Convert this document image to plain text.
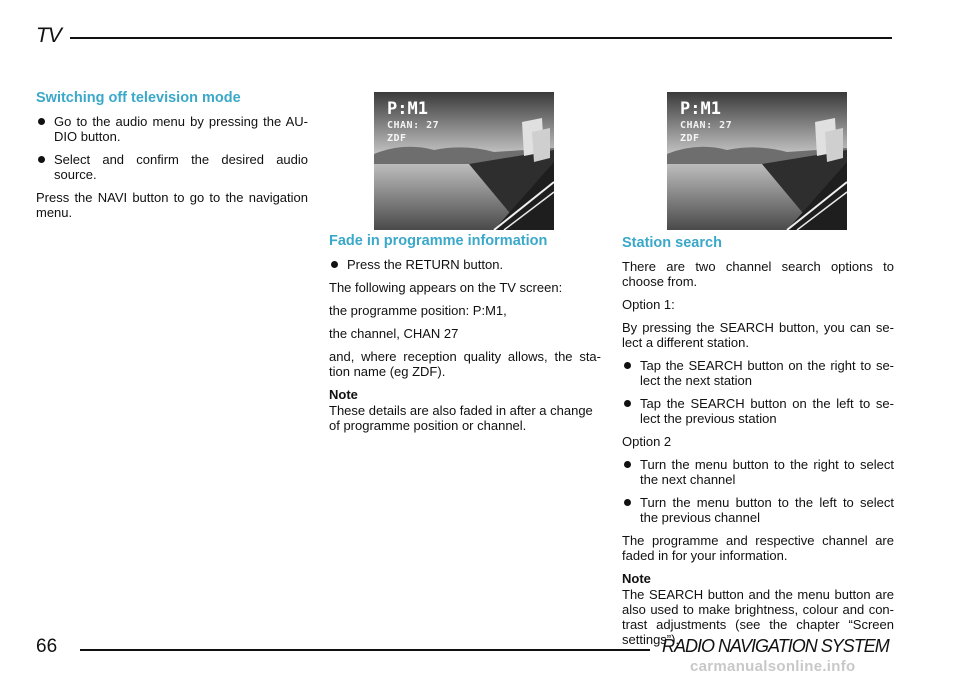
TV

Switching off television mode

Go to the audio menu by pressing the AU-DIO button.

Select and confirm the desired audio source.

Press the NAVI button to go to the navigation menu.

P:M1
CHAN: 27
ZDF
P:M1
CHAN: 27
ZDF

Fade in programme information

Press the RETURN button.

The following appears on the TV screen:

the programme position: P:M1,

the channel, CHAN 27

and, where reception quality allows, the sta-tion name (eg ZDF).

Note

These details are also faded in after a change of programme position or channel.

Station search

There are two channel search options to choose from.

Option 1:

By pressing the SEARCH button, you can se-lect a different station.

Tap the SEARCH button on the right to se-lect the next station

Tap the SEARCH button on the left to se-lect the previous station

Option 2

Turn the menu button to the right to select the next channel

Turn the menu button to the left to select the previous channel

The programme and respective channel are faded in for your information.

Note

The SEARCH button and the menu button are also used to make brightness, colour and con-trast adjustments (see the chapter “Screen settings”).

66	RADIO NAVIGATION SYSTEM
carmanualsonline.info
